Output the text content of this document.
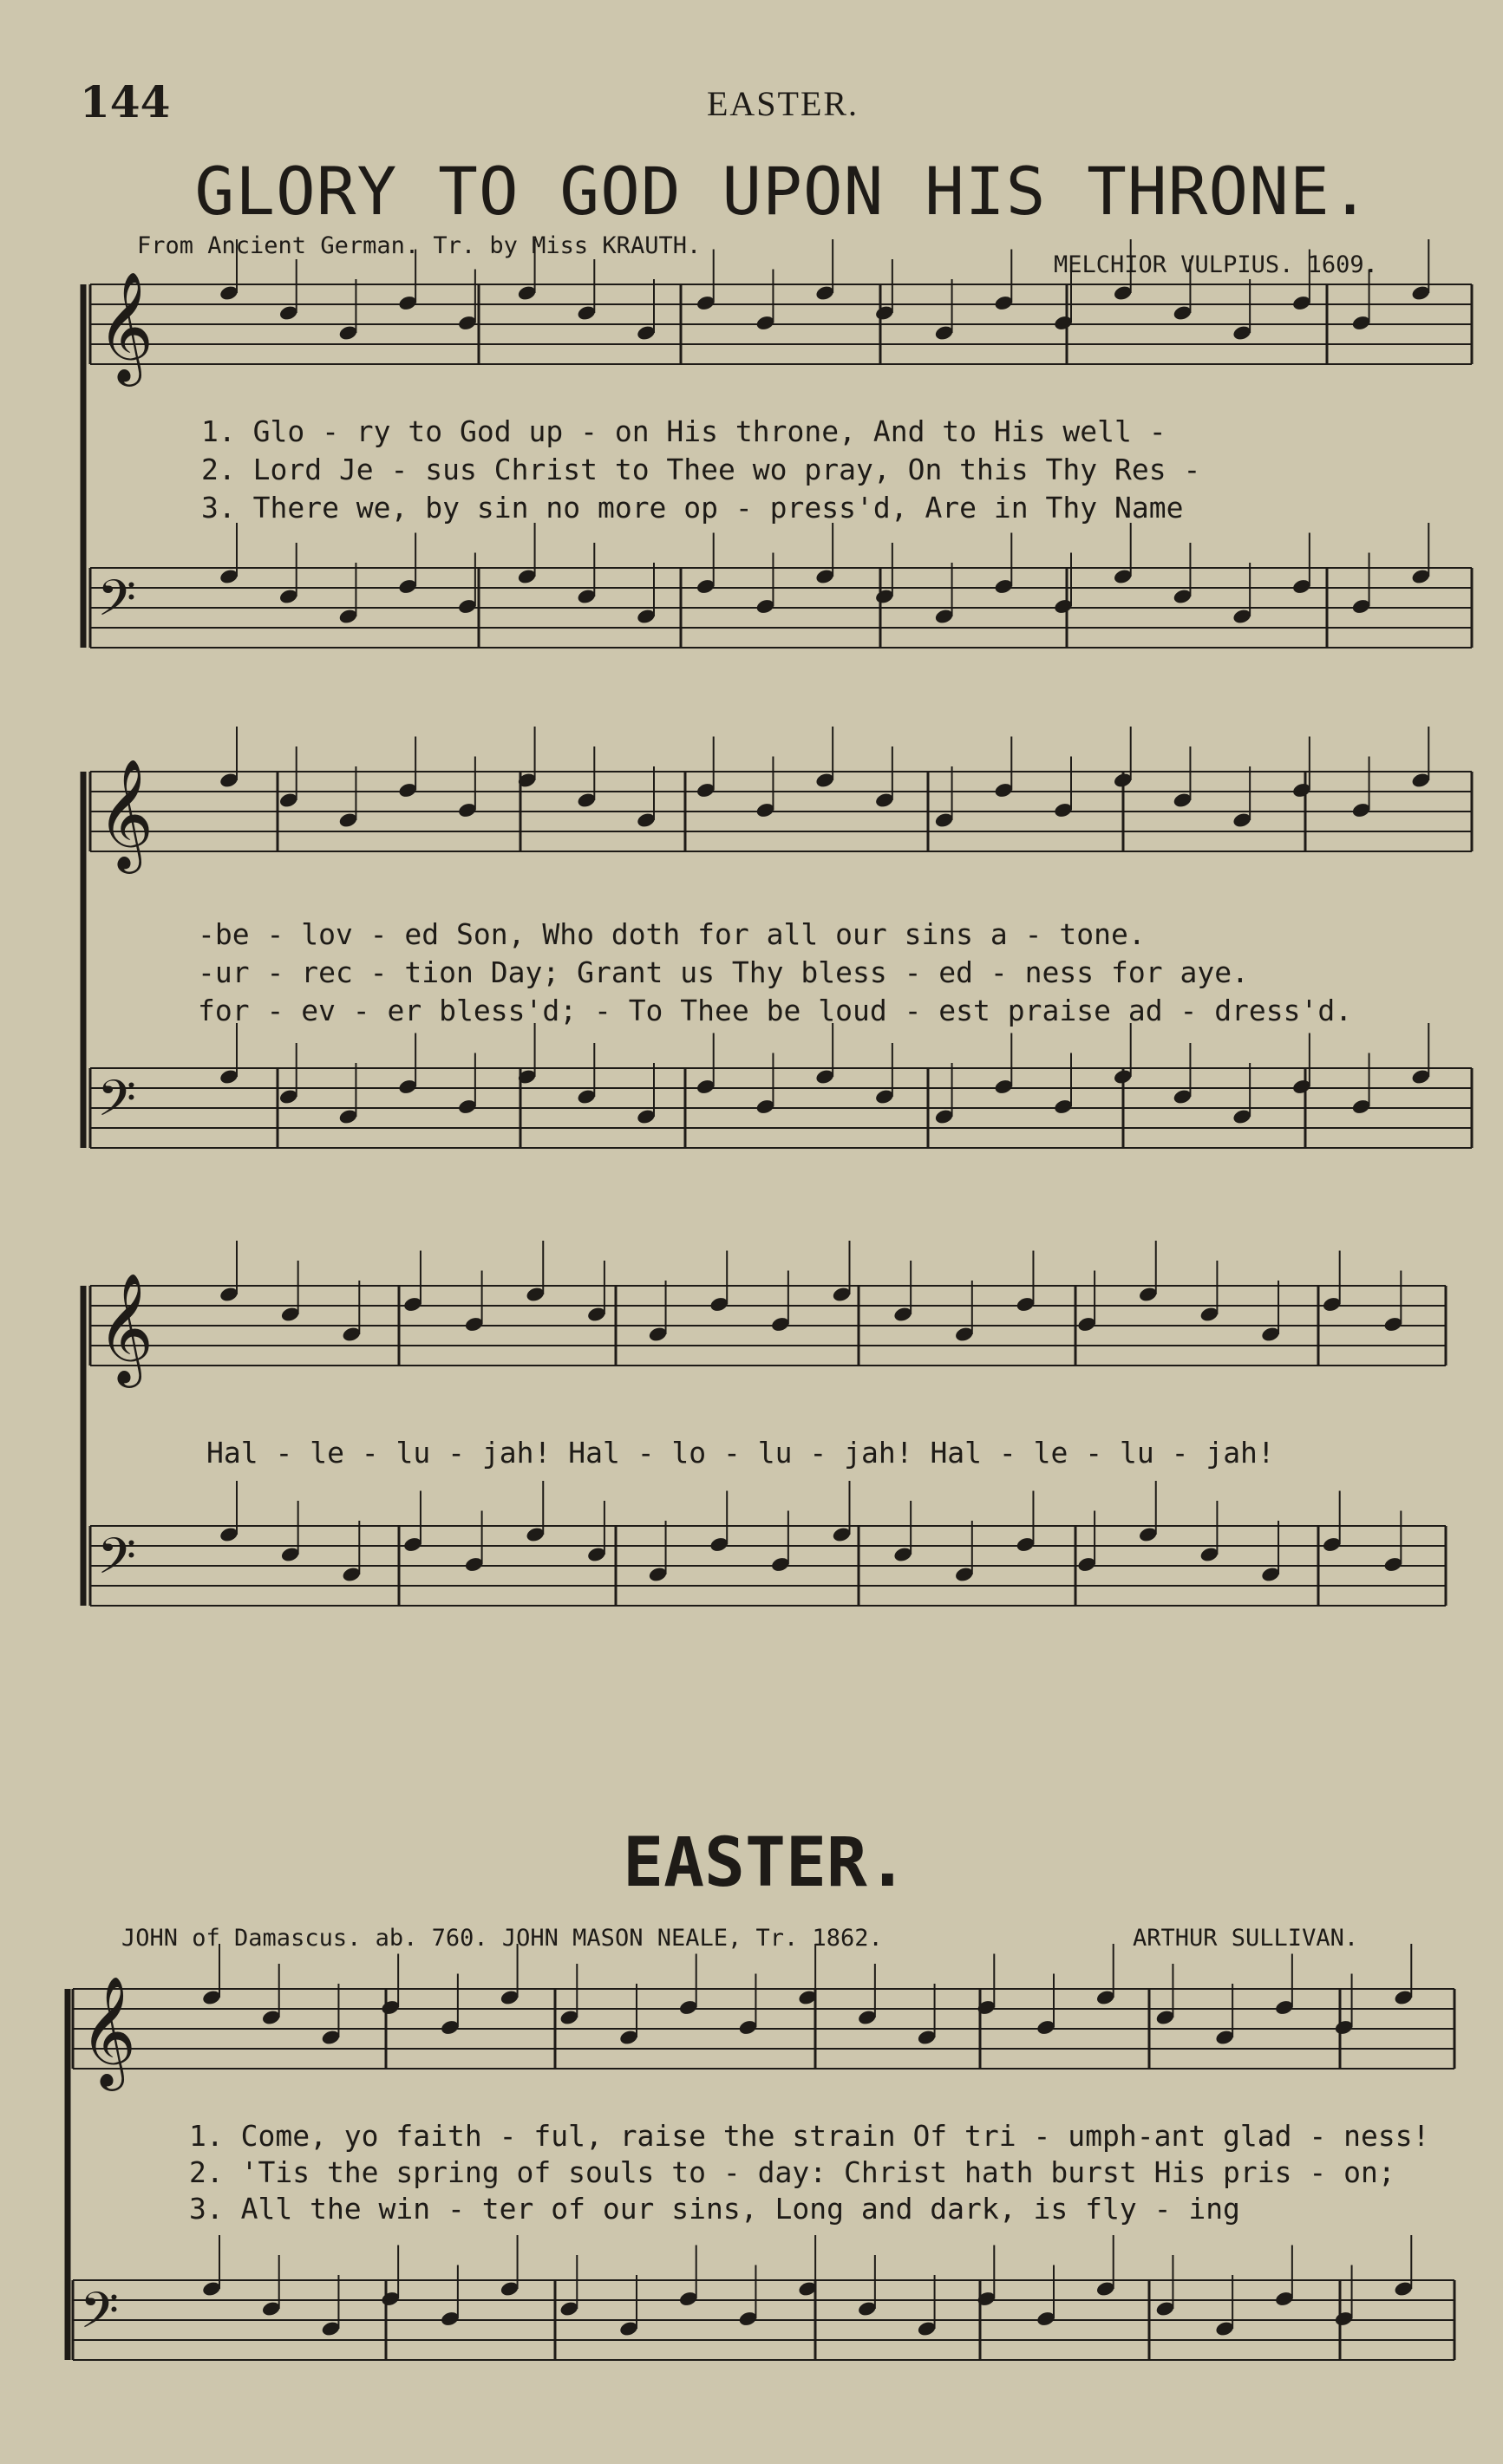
144	EASTER.
GLORY TO GOD UPON HIS THRONE.
From Ancient German. Tr. by Miss KRAUTH.
MELCHIOR VULPIUS. 1609.
1. Glo - ry to God up - on His throne, And to His well -
2. Lord Je - sus Christ to Thee wo pray, On this Thy Res -
3. There we, by sin no more op - press'd, Are in Thy Name
-be - lov - ed Son, Who doth for all our sins a - tone.
-ur - rec - tion Day; Grant us Thy bless - ed - ness for aye.
for - ev - er bless'd; - To Thee be loud - est praise ad - dress'd.
Hal - le - lu - jah! Hal - lo - lu - jah! Hal - le - lu - jah!
EASTER.
JOHN of Damascus. ab. 760. JOHN MASON NEALE, Tr. 1862.	ARTHUR SULLIVAN.
1. Come, yo faith - ful, raise the strain Of tri - umph-ant glad - ness!
2. 'Tis the spring of souls to - day: Christ hath burst His pris - on;
3. All the win - ter of our sins, Long and dark, is fly - ing
𝄞
𝄢
𝄞
𝄢
𝄞
𝄢
𝄞
𝄢
